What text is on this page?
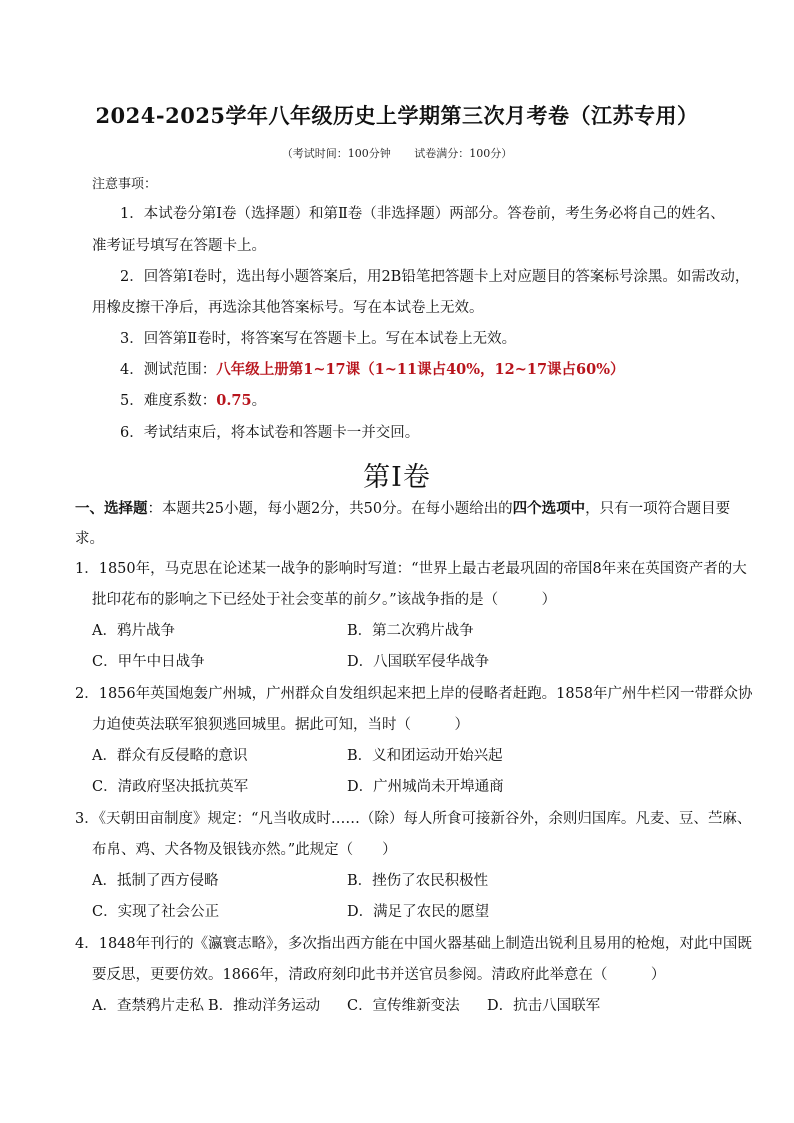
2024-2025学年八年级历史上学期第三次月考卷（江苏专用）
（考试时间：100分钟 试卷满分：100分）
注意事项：
1．本试卷分第Ⅰ卷（选择题）和第Ⅱ卷（非选择题）两部分。答卷前，考生务必将自己的姓名、
准考证号填写在答题卡上。
2．回答第Ⅰ卷时，选出每小题答案后，用2B铅笔把答题卡上对应题目的答案标号涂黑。如需改动，
用橡皮擦干净后，再选涂其他答案标号。写在本试卷上无效。
3．回答第Ⅱ卷时，将答案写在答题卡上。写在本试卷上无效。
4．测试范围：八年级上册第1~17课（1~11课占40%，12~17课占60%）
5．难度系数：0.75。
6．考试结束后，将本试卷和答题卡一并交回。
第Ⅰ卷
一、选择题：本题共25小题，每小题2分，共50分。在每小题给出的四个选项中，只有一项符合题目要
求。
1．1850年，马克思在论述某一战争的影响时写道：“世界上最古老最巩固的帝国8年来在英国资产者的大
批印花布的影响之下已经处于社会变革的前夕。”该战争指的是（　　　）
A．鸦片战争	B．第二次鸦片战争
C．甲午中日战争	D．八国联军侵华战争
2．1856年英国炮轰广州城，广州群众自发组织起来把上岸的侵略者赶跑。1858年广州牛栏冈一带群众协
力迫使英法联军狼狈逃回城里。据此可知，当时（　　　）
A．群众有反侵略的意识	B．义和团运动开始兴起
C．清政府坚决抵抗英军	D．广州城尚未开埠通商
3．《天朝田亩制度》规定：“凡当收成时……（除）每人所食可接新谷外，余则归国库。凡麦、豆、苎麻、
布帛、鸡、犬各物及银钱亦然。”此规定（　　）
A．抵制了西方侵略	B．挫伤了农民积极性
C．实现了社会公正	D．满足了农民的愿望
4．1848年刊行的《瀛寰志略》，多次指出西方能在中国火器基础上制造出锐利且易用的枪炮，对此中国既
要反思，更要仿效。1866年，清政府刻印此书并送官员参阅。清政府此举意在（　　　）
A．查禁鸦片走私 B．推动洋务运动 C．宣传维新变法 D．抗击八国联军
